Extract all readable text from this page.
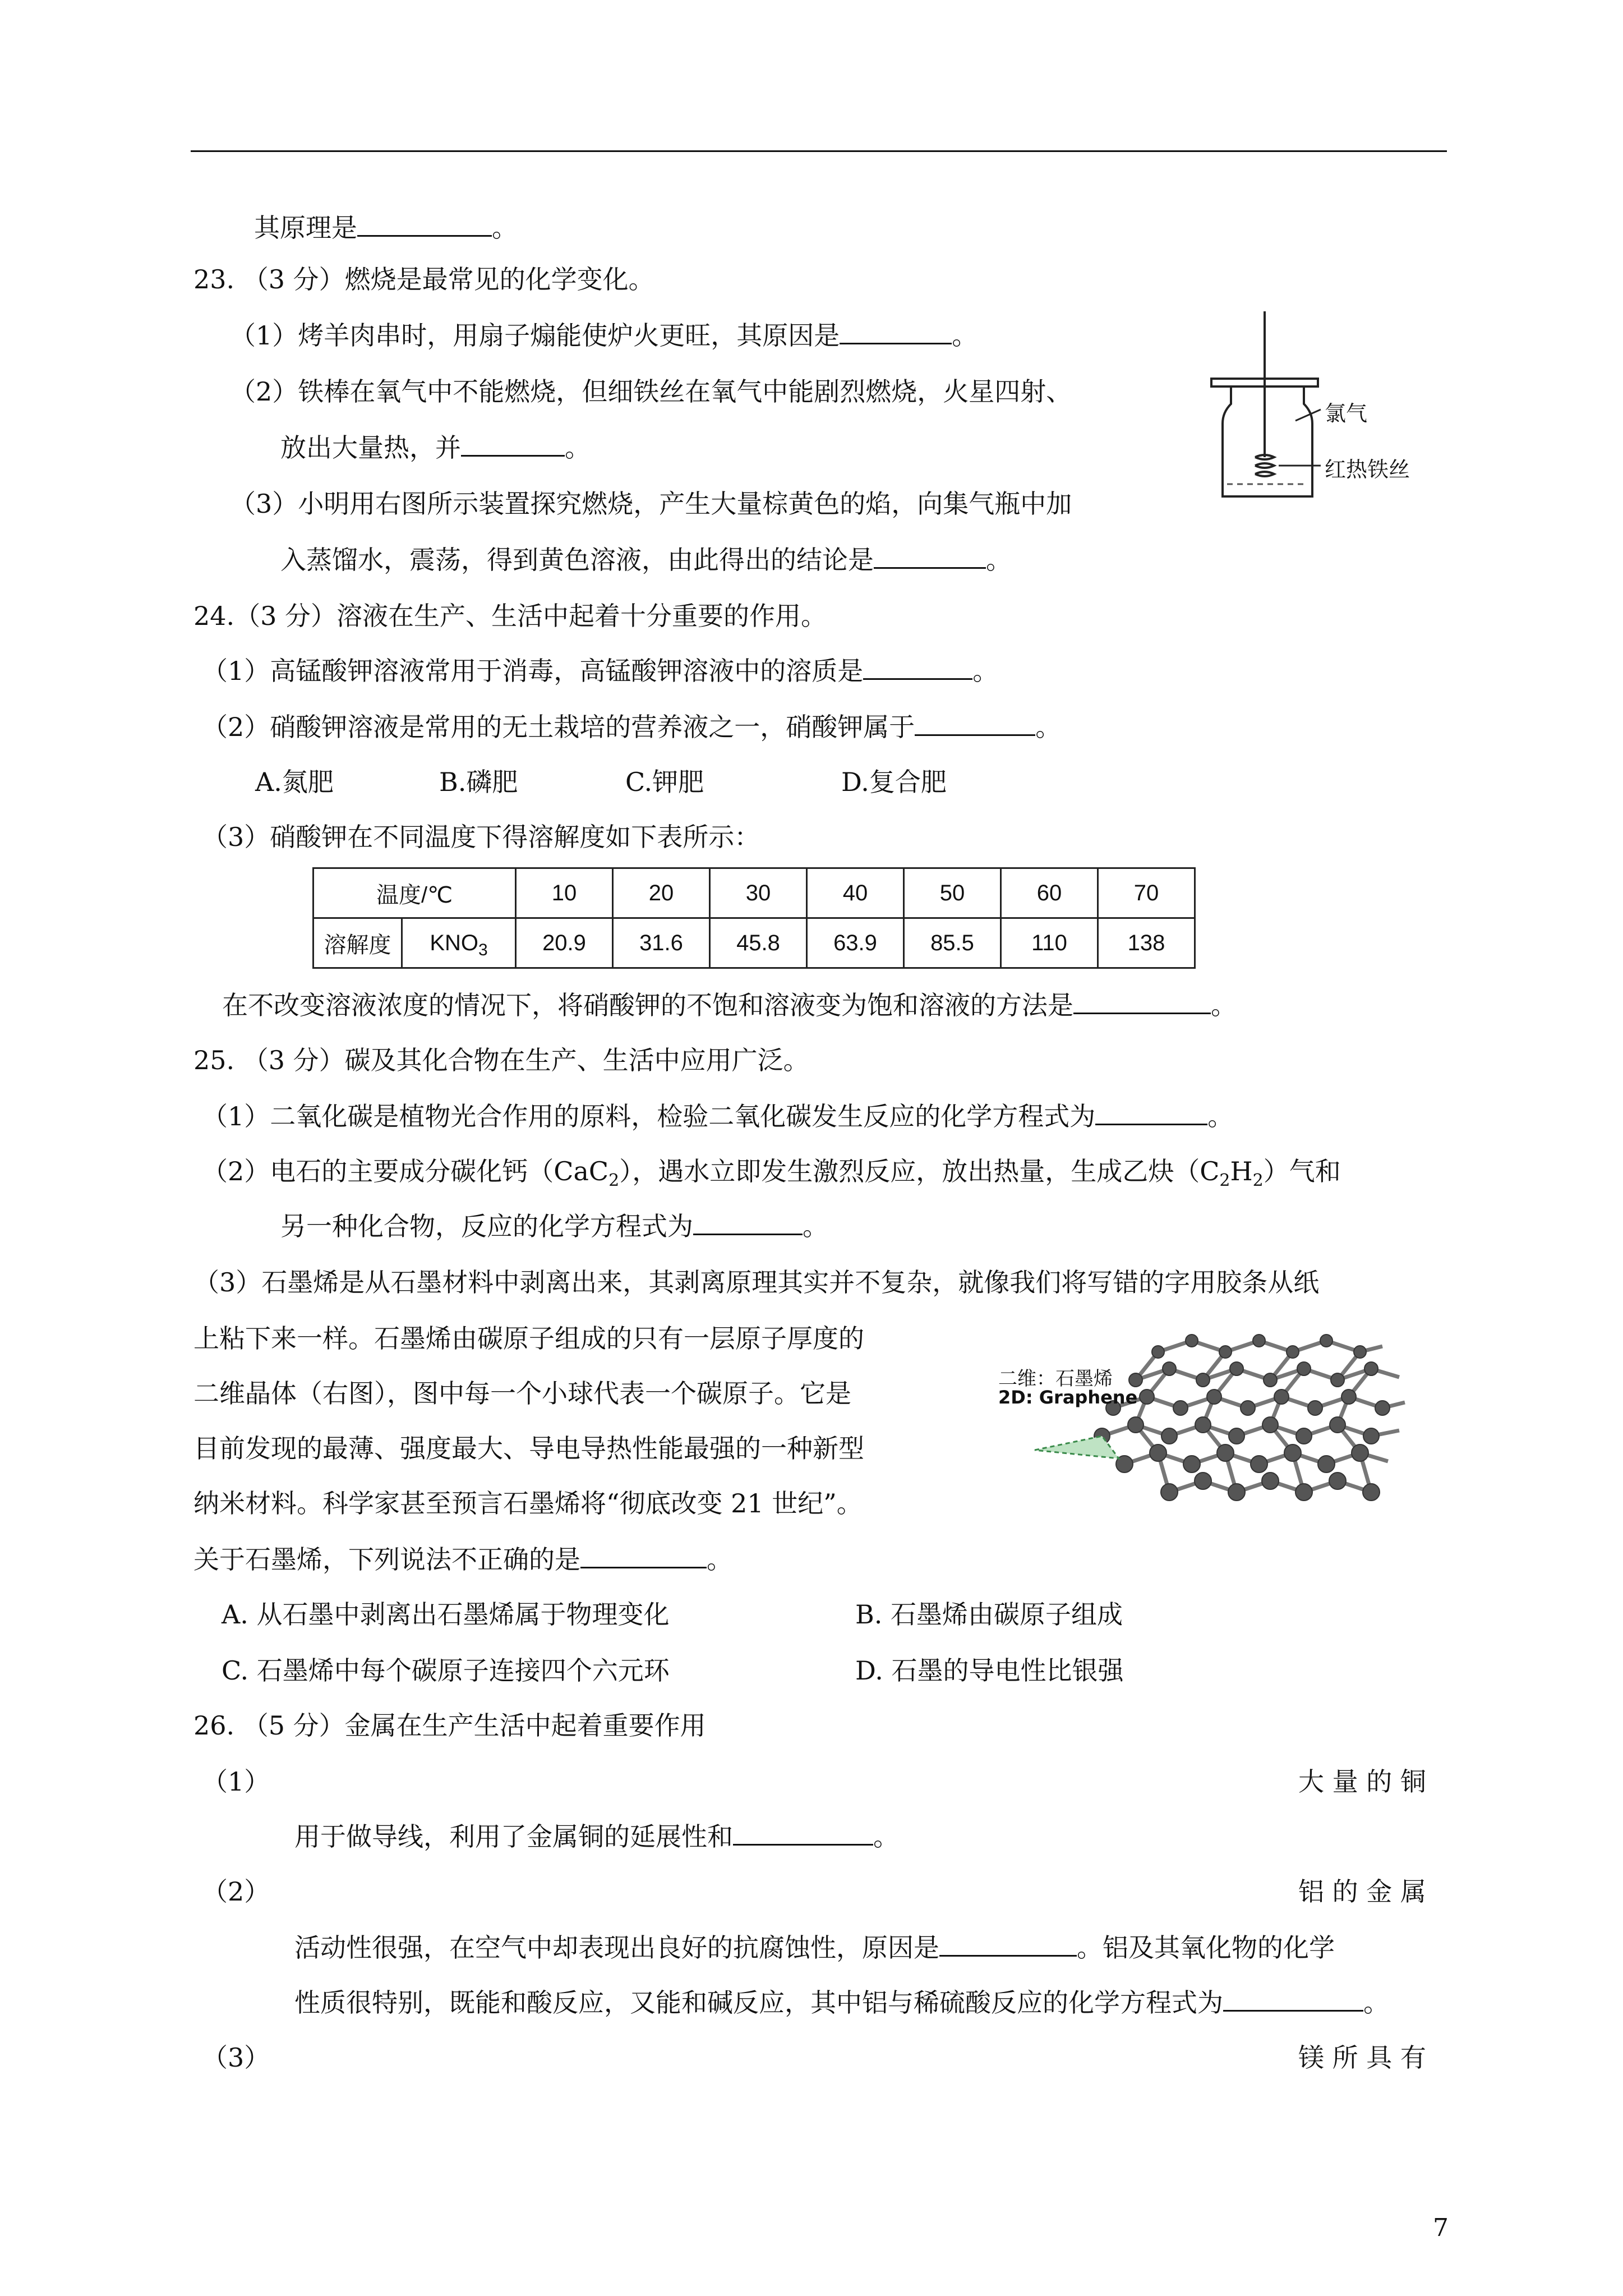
其原理是	。
23. （3 分）燃烧是最常见的化学变化。
（1）烤羊肉串时，用扇子煽能使炉火更旺，其原因是	。
（2）铁棒在氧气中不能燃烧，但细铁丝在氧气中能剧烈燃烧，火星四射、
放出大量热，并	。
（3）小明用右图所示装置探究燃烧，产生大量棕黄色的焰，向集气瓶中加
入蒸馏水，震荡，得到黄色溶液，由此得出的结论是	。
氯气
红热铁丝
24.（3 分）溶液在生产、生活中起着十分重要的作用。
（1）高锰酸钾溶液常用于消毒，高锰酸钾溶液中的溶质是	。
（2）硝酸钾溶液是常用的无土栽培的营养液之一，硝酸钾属于	。
A.氮肥	B.磷肥	C.钾肥	D.复合肥
（3）硝酸钾在不同温度下得溶解度如下表所示：
温度/℃		10	20	30	40	50	60	70
溶解度	$KNO_3$	20.9	31.6	45.8	63.9	85.5	110	138
在不改变溶液浓度的情况下，将硝酸钾的不饱和溶液变为饱和溶液的方法是	。
25. （3 分）碳及其化合物在生产、生活中应用广泛。
（1）二氧化碳是植物光合作用的原料，检验二氧化碳发生反应的化学方程式为	。
（2）电石的主要成分碳化钙（CaC$_2$），遇水立即发生激烈反应，放出热量，生成乙炔$(C_2H_2)$气和
另一种化合物，反应的化学方程式为	。
（3）石墨烯是从石墨材料中剥离出来，其剥离原理其实并不复杂，就像我们将写错的字用胶条从纸
上粘下来一样。石墨烯由碳原子组成的只有一层原子厚度的
二维晶体（右图），图中每一个小球代表一个碳原子。它是
目前发现的最薄、强度最大、导电导热性能最强的一种新型
纳米材料。科学家甚至预言石墨烯将“彻底改变 21 世纪”。
关于石墨烯，下列说法不正确的是	。
二维：石墨烯
2D: Graphene
A. 从石墨中剥离出石墨烯属于物理变化	B. 石墨烯由碳原子组成
C. 石墨烯中每个碳原子连接四个六元环	D. 石墨的导电性比银强
26. （5 分）金属在生产生活中起着重要作用
（1）	大 量 的 铜
用于做导线，利用了金属铜的延展性和	。
（2）	铝 的 金 属
活动性很强，在空气中却表现出良好的抗腐蚀性，原因是	。铝及其氧化物的化学
性质很特别，既能和酸反应，又能和碱反应，其中铝与稀硫酸反应的化学方程式为	。
（3）	镁 所 具 有
7
